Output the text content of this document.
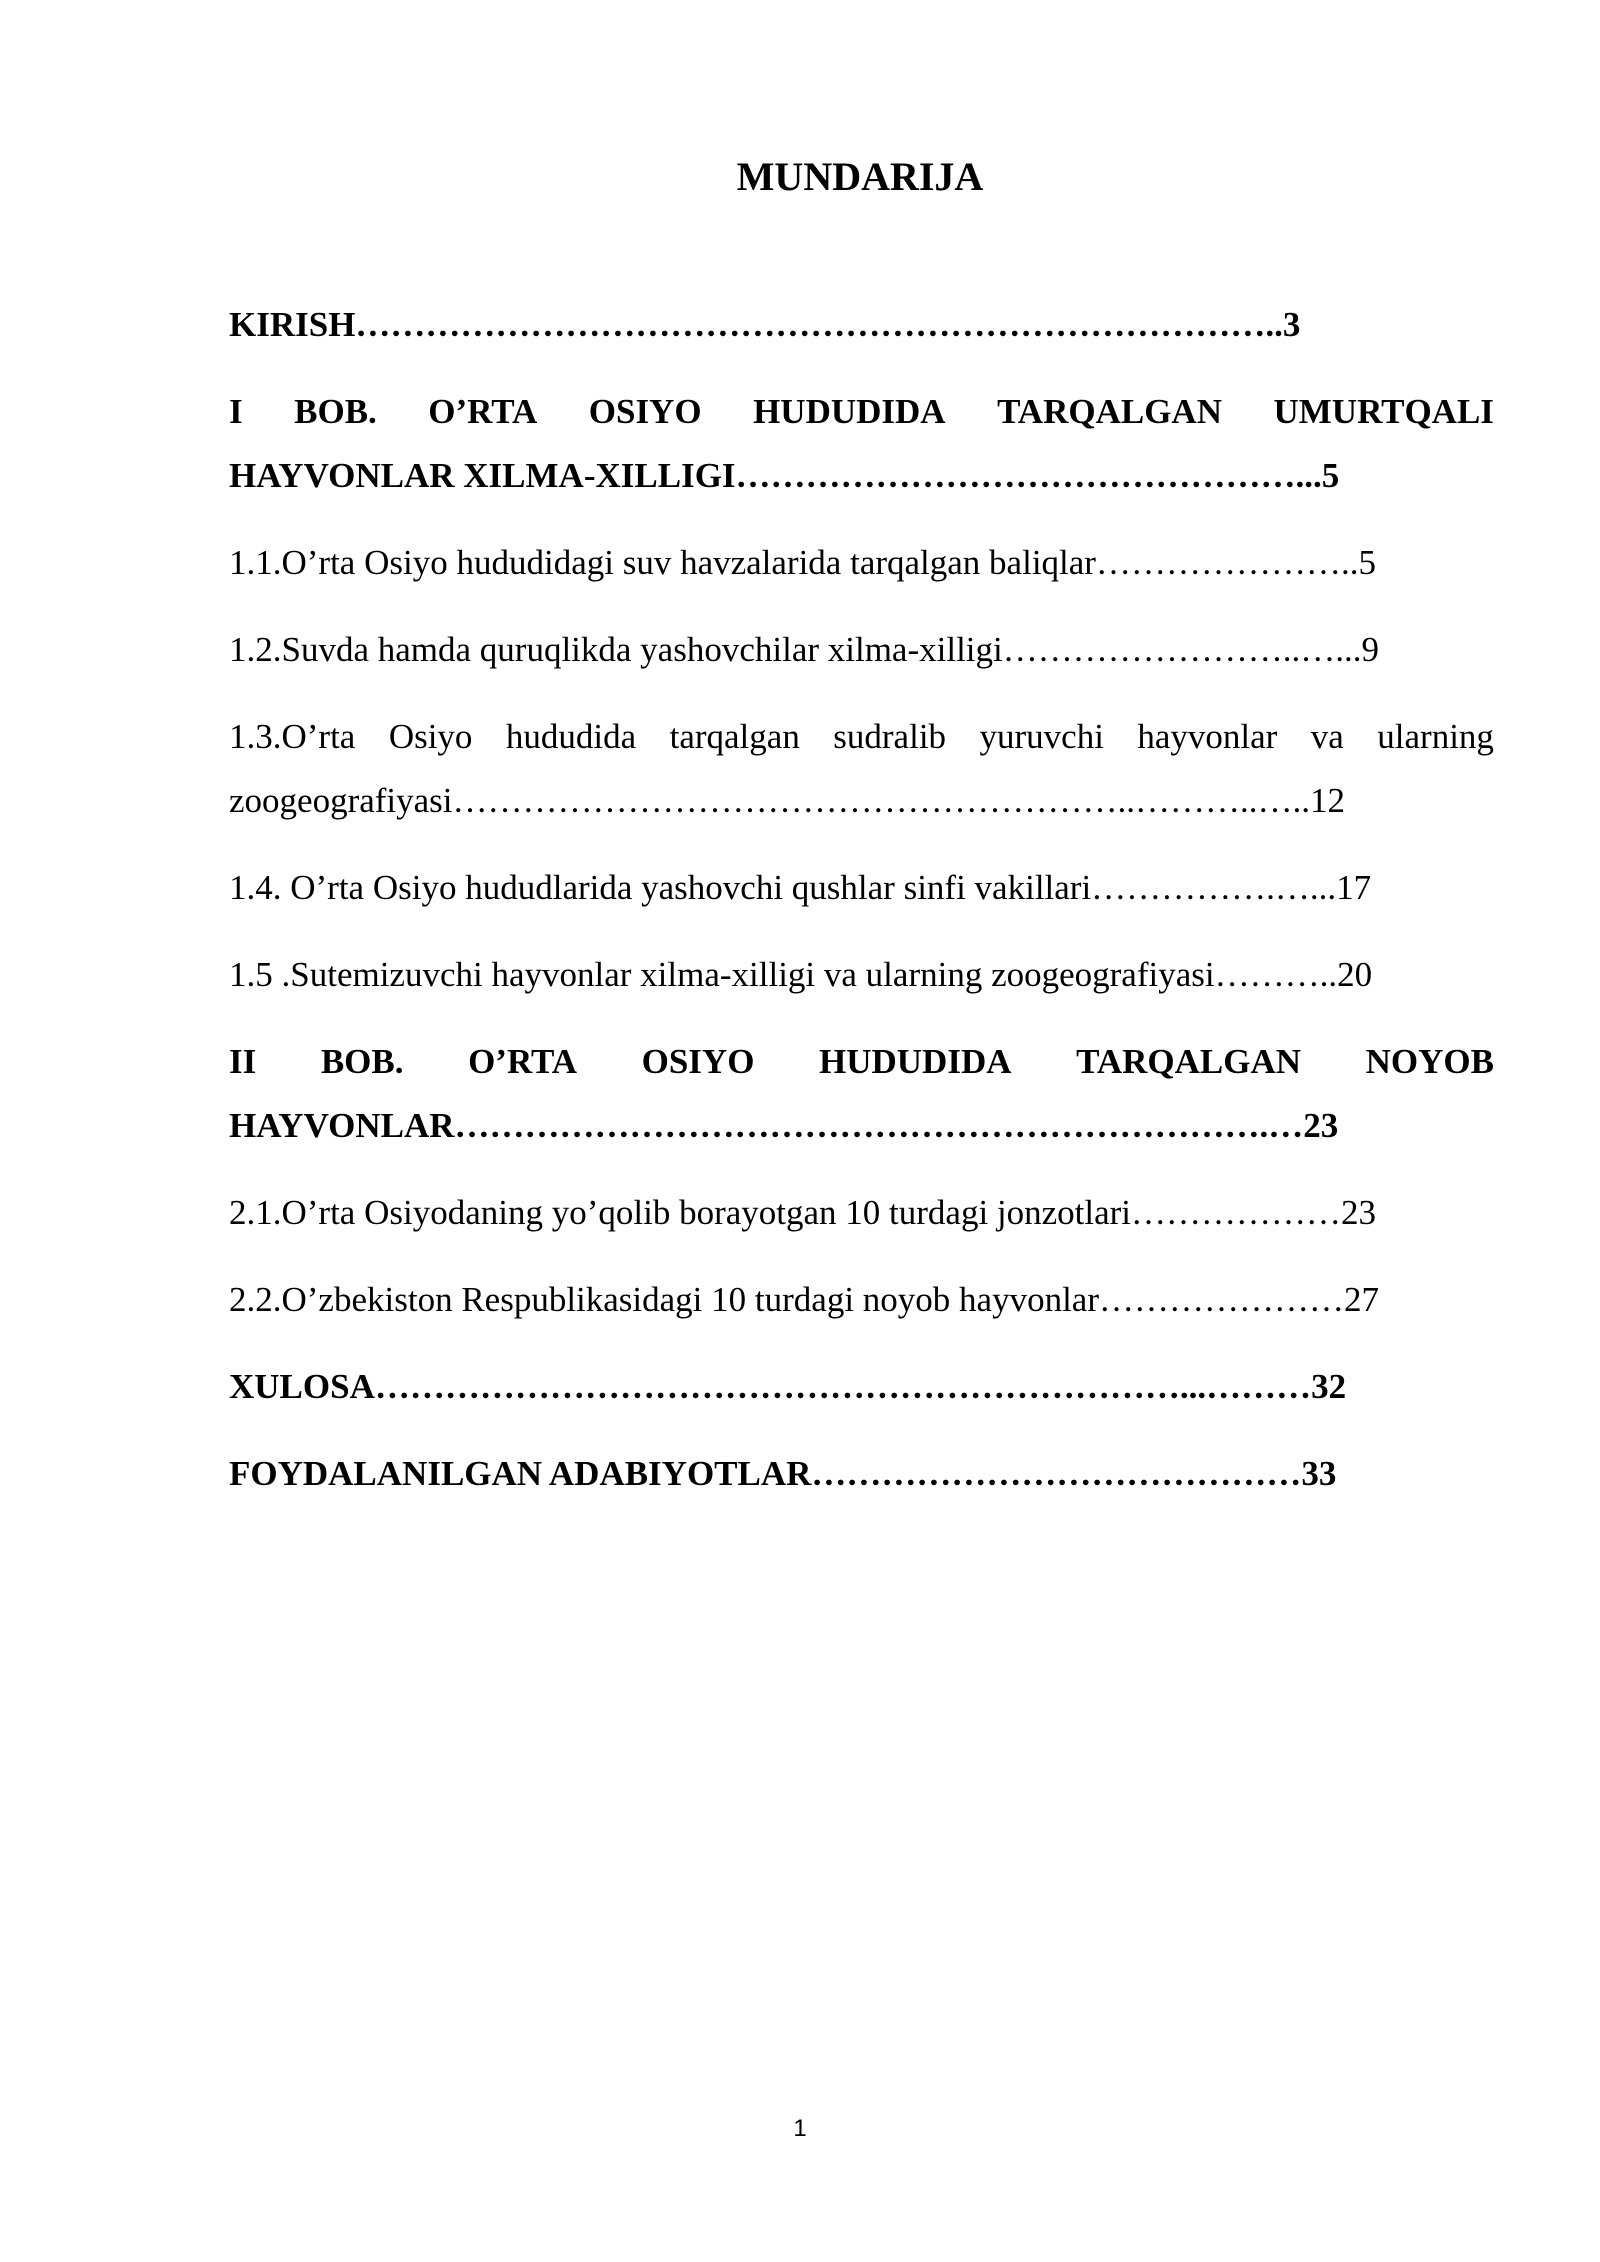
MUNDARIJA
KIRISH……………………………………………………………………..3
I BOB. O’RTA OSIYO HUDUDIDA TARQALGAN UMURTQALI
HAYVONLAR XILMA-XILLIGI…………………………………………...5
1.1.O’rta Osiyo hududidagi suv havzalarida tarqalgan baliqlar…………………..5
1.2.Suvda hamda quruqlikda yashovchilar xilma-xilligi……………………..…...9
1.3.O’rta Osiyo hududida tarqalgan sudralib yuruvchi hayvonlar va ularning
zoogeografiyasi…………………………………………………..………..…..12
1.4. O’rta Osiyo hududlarida yashovchi qushlar sinfi vakillari…………….…...17
1.5 .Sutemizuvchi hayvonlar xilma-xilligi va ularning zoogeografiyasi………..20
II BOB. O’RTA OSIYO HUDUDIDA TARQALGAN NOYOB
HAYVONLAR…………………………………………………………….…23
2.1.O’rta Osiyodaning yo’qolib borayotgan 10 turdagi jonzotlari………………23
2.2.O’zbekiston Respublikasidagi 10 turdagi noyob hayvonlar…………………27
XULOSA……………………………………………………………...………32
FOYDALANILGAN ADABIYOTLAR……………………………………33
1
